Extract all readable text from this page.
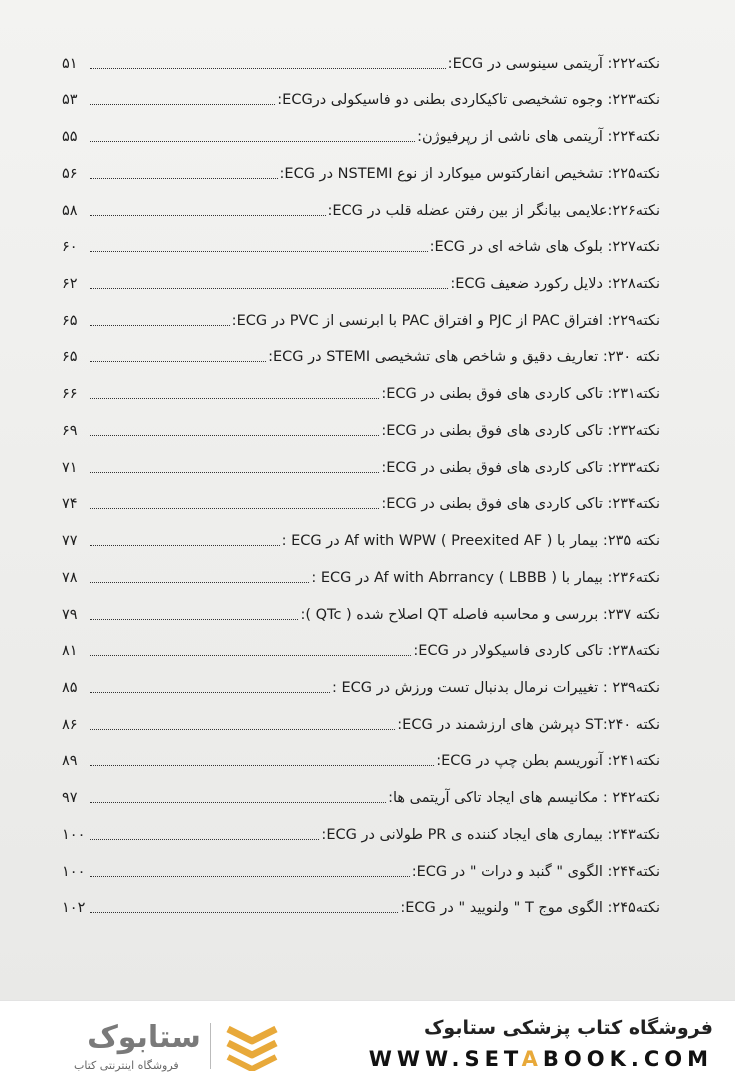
نکته۲۲۲: آریتمی سینوسی در ECG:
۵۱
نکته۲۲۳: وجوه تشخیصی تاکیکاردی بطنی دو فاسیکولی درECG:
۵۳
نکته۲۲۴: آریتمی های ناشی از رپرفیوژن:
۵۵
نکته۲۲۵: تشخیص انفارکتوس میوکارد از نوع NSTEMI در ECG:
۵۶
نکته۲۲۶:علایمی بیانگر از بین رفتن عضله قلب در ECG:
۵۸
نکته۲۲۷: بلوک های شاخه ای در ECG:
۶۰
نکته۲۲۸: دلایل رکورد ضعیف ECG:
۶۲
نکته۲۲۹: افتراق PAC از PJC و افتراق PAC با ابرنسی از PVC در ECG:
۶۵
نکته ۲۳۰: تعاریف دقیق و شاخص های تشخیصی STEMI در ECG:
۶۵
نکته۲۳۱: تاکی کاردی های فوق بطنی در ECG:
۶۶
نکته۲۳۲: تاکی کاردی های فوق بطنی در ECG:
۶۹
نکته۲۳۳: تاکی کاردی های فوق بطنی در ECG:
۷۱
نکته۲۳۴: تاکی کاردی های فوق بطنی در ECG:
۷۴
نکته ۲۳۵: بیمار با ( Af with WPW ( Preexited AF در ECG :
۷۷
نکته۲۳۶: بیمار با ( Af with Abrrancy ( LBBB در ECG :
۷۸
نکته ۲۳۷: بررسی و محاسبه فاصله QT اصلاح شده ( QTc ):
۷۹
نکته۲۳۸: تاکی کاردی فاسیکولار در ECG:
۸۱
نکته۲۳۹ : تغییرات نرمال بدنبال تست ورزش در ECG :
۸۵
نکته ۲۴۰:ST دپرشن های ارزشمند در ECG:
۸۶
نکته۲۴۱: آنوریسم بطن چپ در ECG:
۸۹
نکته۲۴۲ : مکانیسم های ایجاد تاکی آریتمی ها:
۹۷
نکته۲۴۳: بیماری های ایجاد کننده ی PR طولانی در ECG:
۱۰۰
نکته۲۴۴: الگوی " گنبد و درات " در ECG:
۱۰۰
نکته۲۴۵: الگوی موج T " ولنویید " در ECG:
۱۰۲
ستابوک
فروشگاه اینترنتی کتاب
فروشگاه کتاب پزشکی ستابوک
WWW.SETABOOK.COM
